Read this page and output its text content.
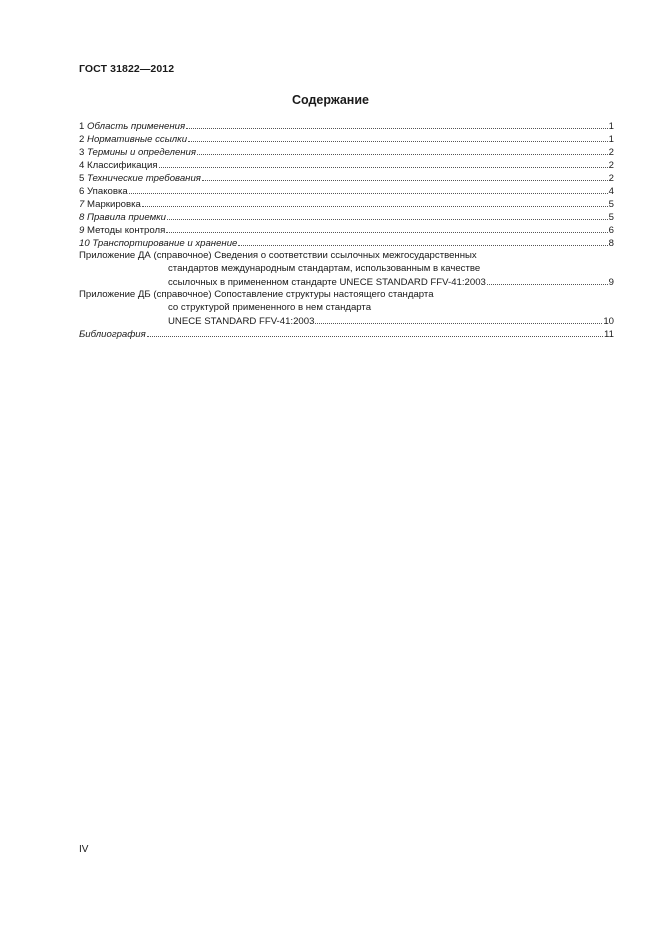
ГОСТ 31822—2012
Содержание
1 Область применения	1
2 Нормативные ссылки	1
3 Термины и определения	2
4 Классификация	2
5 Технические требования	2
6 Упаковка	4
7 Маркировка	5
8 Правила приемки	5
9 Методы контроля	6
10 Транспортирование и хранение	8
Приложение ДА (справочное) Сведения о соответствии ссылочных межгосударственных
стандартов международным стандартам, использованным в качестве
ссылочных в примененном стандарте UNECE STANDARD FFV-41:2003	9
Приложение ДБ (справочное) Сопоставление структуры настоящего стандарта
со структурой примененного в нем стандарта
UNECE STANDARD FFV-41:2003	10
Библиография	11
IV
